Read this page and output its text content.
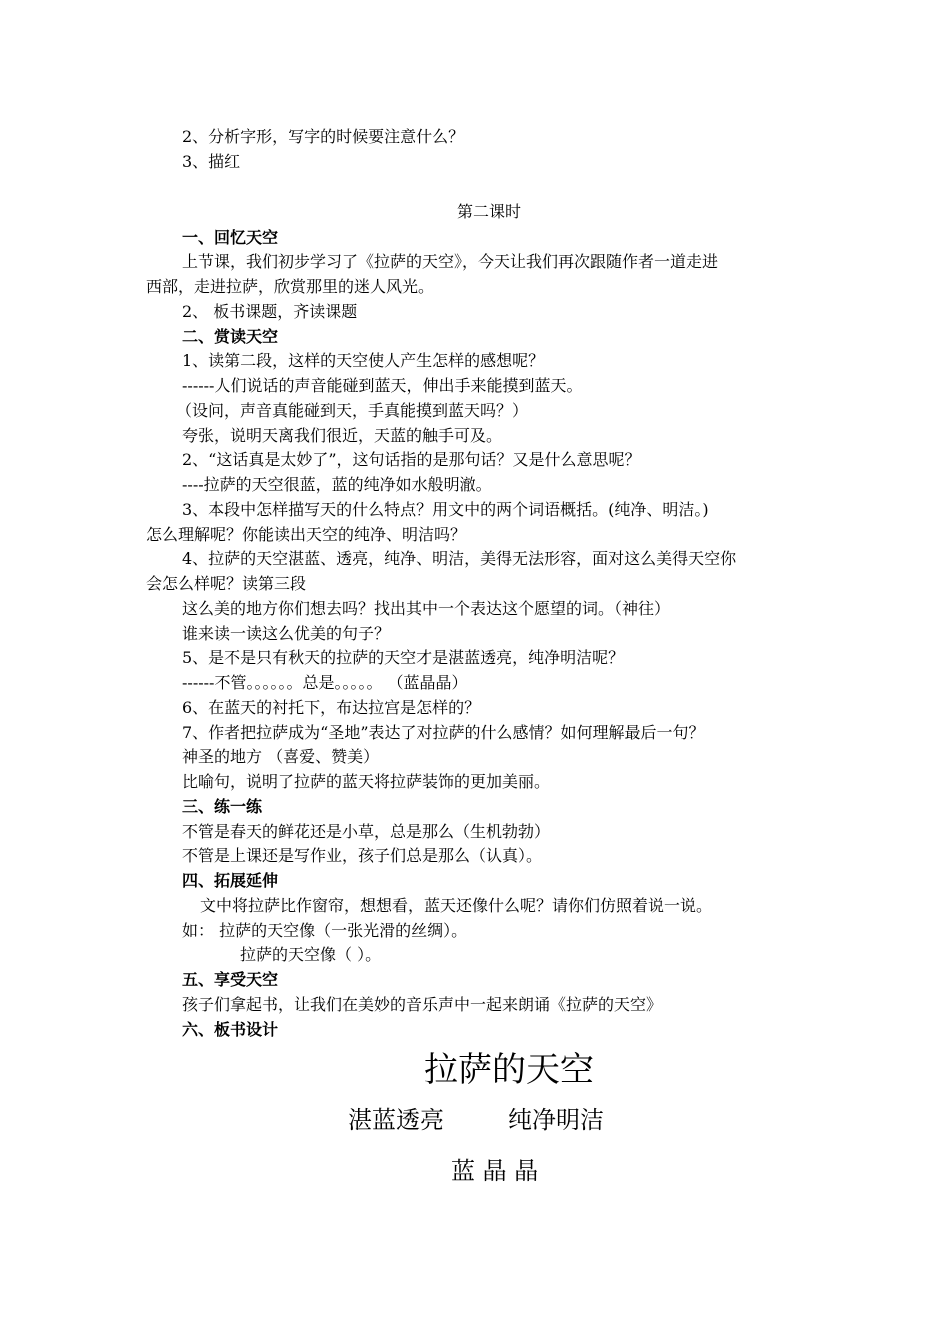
2、分析字形，写字的时候要注意什么？
3、描红
第二课时
一、回忆天空
上节课，我们初步学习了《拉萨的天空》，今天让我们再次跟随作者一道走进
西部，走进拉萨，欣赏那里的迷人风光。
2、 板书课题，齐读课题
二、赏读天空
1、读第二段，这样的天空使人产生怎样的感想呢？
------人们说话的声音能碰到蓝天，伸出手来能摸到蓝天。
（设问，声音真能碰到天，手真能摸到蓝天吗？）
夸张，说明天离我们很近，天蓝的触手可及。
2、“这话真是太妙了”，这句话指的是那句话？又是什么意思呢？
----拉萨的天空很蓝，蓝的纯净如水般明澈。
3、本段中怎样描写天的什么特点？用文中的两个词语概括。(纯净、明洁。)
怎么理解呢？你能读出天空的纯净、明洁吗？
4、拉萨的天空湛蓝、透亮，纯净、明洁，美得无法形容，面对这么美得天空你
会怎么样呢？读第三段
这么美的地方你们想去吗？找出其中一个表达这个愿望的词。（神往）
谁来读一读这么优美的句子？
5、是不是只有秋天的拉萨的天空才是湛蓝透亮，纯净明洁呢？
------不管。。。。。。总是。。。。。 （蓝晶晶）
6、在蓝天的衬托下，布达拉宫是怎样的？
7、作者把拉萨成为“圣地”表达了对拉萨的什么感情？如何理解最后一句？
神圣的地方 （喜爱、赞美）
比喻句，说明了拉萨的蓝天将拉萨装饰的更加美丽。
三、练一练
不管是春天的鲜花还是小草，总是那么（生机勃勃）
不管是上课还是写作业，孩子们总是那么（认真）。
四、拓展延伸
文中将拉萨比作窗帘，想想看，蓝天还像什么呢？请你们仿照着说一说。
如： 拉萨的天空像（一张光滑的丝绸）。
拉萨的天空像（ ）。
五、享受天空
孩子们拿起书，让我们在美妙的音乐声中一起来朗诵《拉萨的天空》
六、板书设计
拉萨的天空
湛蓝透亮	纯净明洁
蓝 晶 晶
